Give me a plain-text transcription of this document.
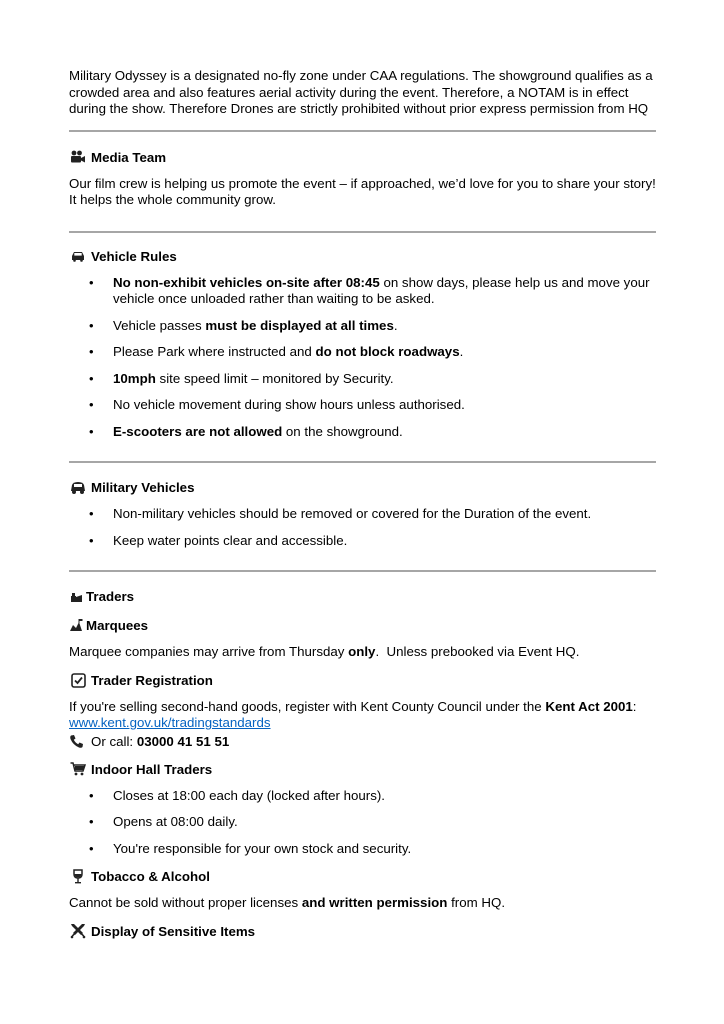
Military Odyssey is a designated no-fly zone under CAA regulations. The showground qualifies as a crowded area and also features aerial activity during the event. Therefore, a NOTAM is in effect during the show. Therefore Drones are strictly prohibited without prior express permission from HQ

Media Team

Our film crew is helping us promote the event – if approached, we’d love for you to share your story! It helps the whole community grow.

Vehicle Rules
• No non-exhibit vehicles on-site after 08:45 on show days, please help us and move your vehicle once unloaded rather than waiting to be asked.
• Vehicle passes must be displayed at all times.
• Please Park where instructed and do not block roadways.
• 10mph site speed limit – monitored by Security.
• No vehicle movement during show hours unless authorised.
• E-scooters are not allowed on the showground.
Military Vehicles
• Non-military vehicles should be removed or covered for the Duration of the event.
• Keep water points clear and accessible.
Traders
Marquees

Marquee companies may arrive from Thursday only.  Unless prebooked via Event HQ.

Trader Registration

If you're selling second-hand goods, register with Kent County Council under the Kent Act 2001:
www.kent.gov.uk/tradingstandards

Or call: 03000 41 51 51
Indoor Hall Traders
• Closes at 18:00 each day (locked after hours).
• Opens at 08:00 daily.
• You're responsible for your own stock and security.
Tobacco & Alcohol

Cannot be sold without proper licenses and written permission from HQ.

Display of Sensitive Items
